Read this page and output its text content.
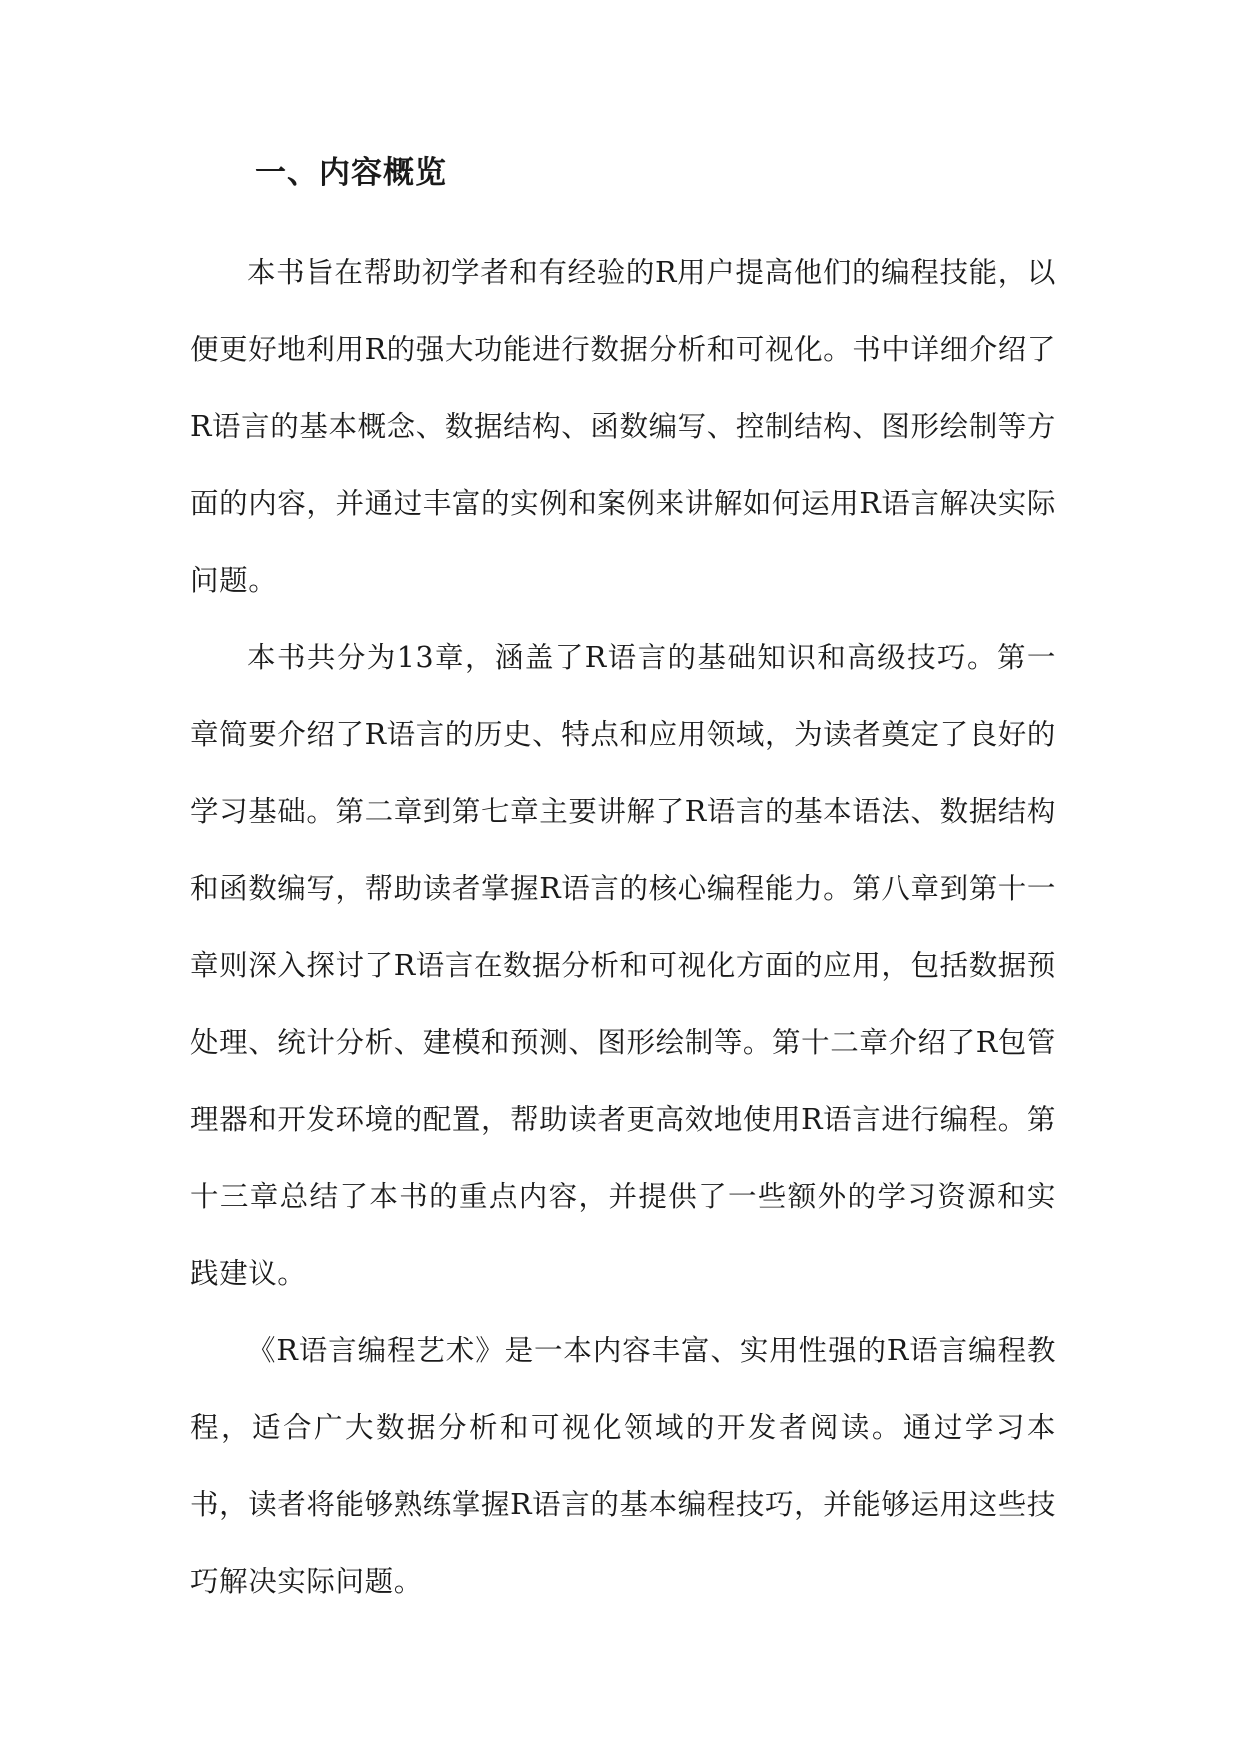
一、内容概览

本书旨在帮助初学者和有经验的R用户提高他们的编程技能，以便更好地利用R的强大功能进行数据分析和可视化。书中详细介绍了R语言的基本概念、数据结构、函数编写、控制结构、图形绘制等方面的内容，并通过丰富的实例和案例来讲解如何运用R语言解决实际问题。

本书共分为13章，涵盖了R语言的基础知识和高级技巧。第一章简要介绍了R语言的历史、特点和应用领域，为读者奠定了良好的学习基础。第二章到第七章主要讲解了R语言的基本语法、数据结构和函数编写，帮助读者掌握R语言的核心编程能力。第八章到第十一章则深入探讨了R语言在数据分析和可视化方面的应用，包括数据预处理、统计分析、建模和预测、图形绘制等。第十二章介绍了R包管理器和开发环境的配置，帮助读者更高效地使用R语言进行编程。第十三章总结了本书的重点内容，并提供了一些额外的学习资源和实践建议。

《R语言编程艺术》是一本内容丰富、实用性强的R语言编程教程，适合广大数据分析和可视化领域的开发者阅读。通过学习本书，读者将能够熟练掌握R语言的基本编程技巧，并能够运用这些技巧解决实际问题。
